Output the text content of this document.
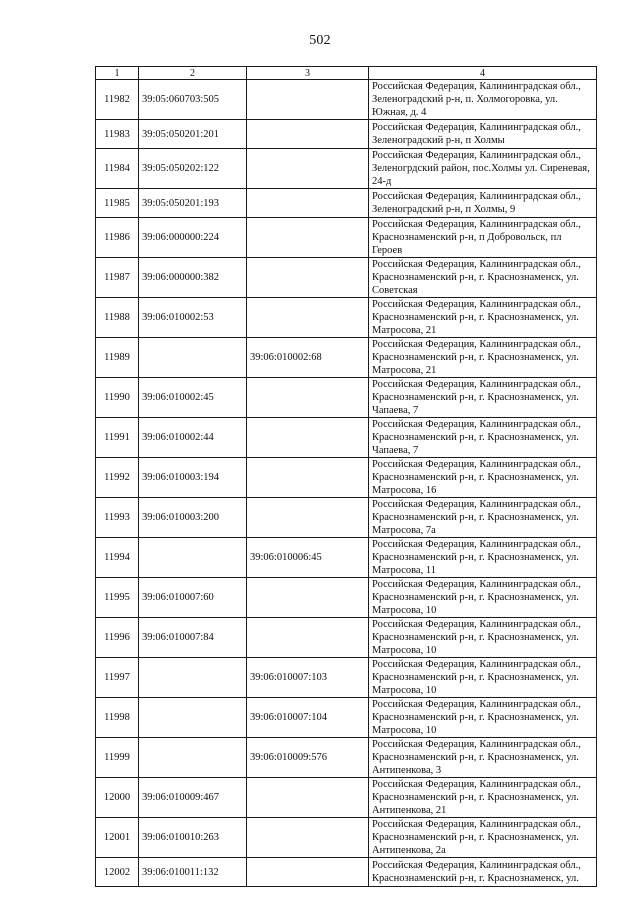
502
1	2	3	4
11982	39:05:060703:505		Российская Федерация, Калининградская обл., Зеленоградский р-н, п. Холмогоровка, ул. Южная, д. 4
11983	39:05:050201:201		Российская Федерация, Калининградская обл., Зеленоградский р-н, п Холмы
11984	39:05:050202:122		Российская Федерация, Калининградская обл., Зеленогрдский район, пос.Холмы ул. Сиреневая, 24-д
11985	39:05:050201:193		Российская Федерация, Калининградская обл., Зеленоградский р-н, п Холмы, 9
11986	39:06:000000:224		Российская Федерация, Калининградская обл., Краснознаменский р-н, п Добровольск, пл Героев
11987	39:06:000000:382		Российская Федерация, Калининградская обл., Краснознаменский р-н, г. Краснознаменск, ул. Советская
11988	39:06:010002:53		Российская Федерация, Калининградская обл., Краснознаменский р-н, г. Краснознаменск, ул. Матросова, 21
11989		39:06:010002:68	Российская Федерация, Калининградская обл., Краснознаменский р-н, г. Краснознаменск, ул. Матросова, 21
11990	39:06:010002:45		Российская Федерация, Калининградская обл., Краснознаменский р-н, г. Краснознаменск, ул. Чапаева, 7
11991	39:06:010002:44		Российская Федерация, Калининградская обл., Краснознаменский р-н, г. Краснознаменск, ул. Чапаева, 7
11992	39:06:010003:194		Российская Федерация, Калининградская обл., Краснознаменский р-н, г. Краснознаменск, ул. Матросова, 16
11993	39:06:010003:200		Российская Федерация, Калининградская обл., Краснознаменский р-н, г. Краснознаменск, ул. Матросова, 7а
11994		39:06:010006:45	Российская Федерация, Калининградская обл., Краснознаменский р-н, г. Краснознаменск, ул. Матросова, 11
11995	39:06:010007:60		Российская Федерация, Калининградская обл., Краснознаменский р-н, г. Краснознаменск, ул. Матросова, 10
11996	39:06:010007:84		Российская Федерация, Калининградская обл., Краснознаменский р-н, г. Краснознаменск, ул. Матросова, 10
11997		39:06:010007:103	Российская Федерация, Калининградская обл., Краснознаменский р-н, г. Краснознаменск, ул. Матросова, 10
11998		39:06:010007:104	Российская Федерация, Калининградская обл., Краснознаменский р-н, г. Краснознаменск, ул. Матросова, 10
11999		39:06:010009:576	Российская Федерация, Калининградская обл., Краснознаменский р-н, г. Краснознаменск, ул. Антипенкова, 3
12000	39:06:010009:467		Российская Федерация, Калининградская обл., Краснознаменский р-н, г. Краснознаменск, ул. Антипенкова, 21
12001	39:06:010010:263		Российская Федерация, Калининградская обл., Краснознаменский р-н, г. Краснознаменск, ул. Антипенкова, 2а
12002	39:06:010011:132		Российская Федерация, Калининградская обл., Краснознаменский р-н, г. Краснознаменск, ул.
